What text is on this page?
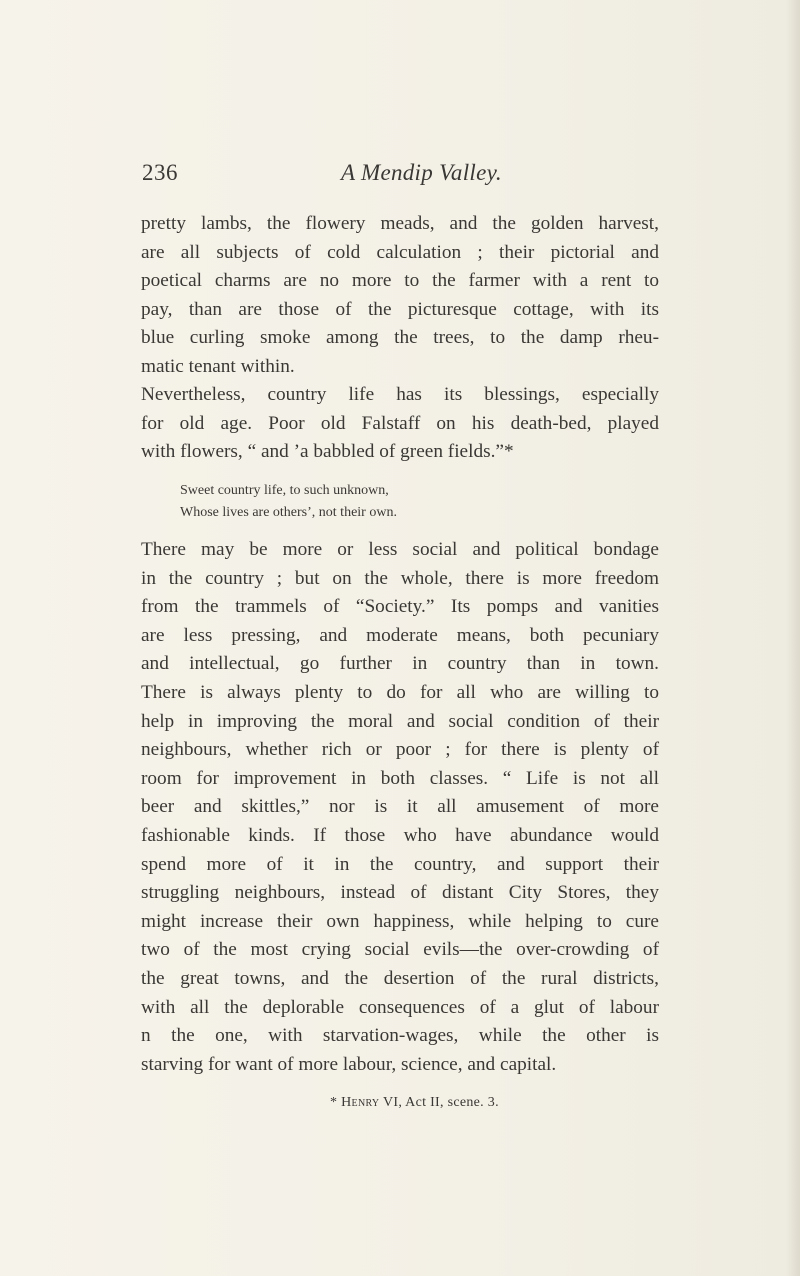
236	A Mendip Valley.
pretty lambs, the flowery meads, and the golden harvest,
are all subjects of cold calculation ; their pictorial and
poetical charms are no more to the farmer with a rent to
pay, than are those of the picturesque cottage, with its
blue curling smoke among the trees, to the damp rheu-
matic tenant within.
Nevertheless, country life has its blessings, especially
for old age. Poor old Falstaff on his death-bed, played
with flowers, “ and ’a babbled of green fields.”*
Sweet country life, to such unknown,
Whose lives are others’, not their own.
There may be more or less social and political bondage
in the country ; but on the whole, there is more freedom
from the trammels of “Society.” Its pomps and vanities
are less pressing, and moderate means, both pecuniary
and intellectual, go further in country than in town.
There is always plenty to do for all who are willing to
help in improving the moral and social condition of their
neighbours, whether rich or poor ; for there is plenty of
room for improvement in both classes. “ Life is not all
beer and skittles,” nor is it all amusement of more
fashionable kinds. If those who have abundance would
spend more of it in the country, and support their
struggling neighbours, instead of distant City Stores, they
might increase their own happiness, while helping to cure
two of the most crying social evils—the over-crowding of
the great towns, and the desertion of the rural districts,
with all the deplorable consequences of a glut of labour
n the one, with starvation-wages, while the other is
starving for want of more labour, science, and capital.
* Henry VI, Act II, scene. 3.
